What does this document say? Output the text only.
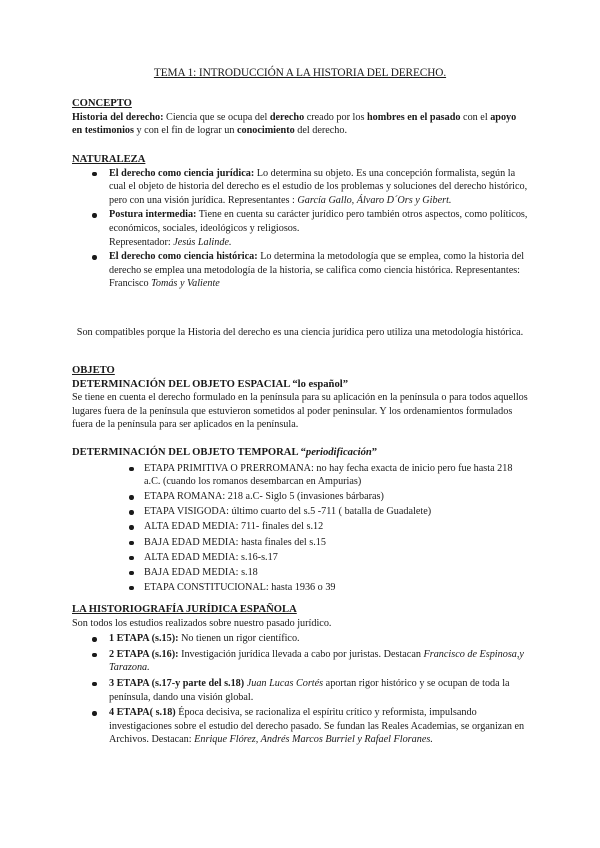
TEMA 1: INTRODUCCIÓN A LA HISTORIA DEL DERECHO.
CONCEPTO
Historia del derecho: Ciencia que se ocupa del derecho creado por los hombres en el pasado con el apoyo en testimonios y con el fin de lograr un conocimiento del derecho.
NATURALEZA
El derecho como ciencia jurídica: Lo determina su objeto. Es una concepción formalista, según la cual el objeto de historia del derecho es el estudio de los problemas y soluciones del derecho histórico, pero con una visión jurídica. Representantes : García Gallo, Álvaro D´Ors y Gibert.
Postura intermedia: Tiene en cuenta su carácter jurídico pero también otros aspectos, como políticos, económicos, sociales, ideológicos y religiosos.
Representador: Jesús Lalinde.
El derecho como ciencia histórica: Lo determina la metodología que se emplea, como la historia del derecho se emplea una metodología de la historia, se califica como ciencia histórica. Representantes: Francisco Tomás y Valiente
Son compatibles porque la Historia del derecho es una ciencia jurídica pero utiliza una metodología histórica.
OBJETO
DETERMINACIÓN DEL OBJETO ESPACIAL “lo español”
Se tiene en cuenta el derecho formulado en la península para su aplicación en la península o para todos aquellos lugares fuera de la península que estuvieron sometidos al poder peninsular. Y los ordenamientos formulados fuera de la península para ser aplicados en la península.
DETERMINACIÓN DEL OBJETO TEMPORAL “periodificación”
ETAPA PRIMITIVA O PRERROMANA: no hay fecha exacta de inicio pero fue hasta 218 a.C. (cuando los romanos desembarcan en Ampurias)
ETAPA ROMANA: 218 a.C- Siglo 5 (invasiones bárbaras)
ETAPA VISIGODA: último cuarto del s.5 -711 ( batalla de Guadalete)
ALTA EDAD MEDIA: 711- finales del s.12
BAJA EDAD MEDIA: hasta finales del s.15
ALTA EDAD MEDIA: s.16-s.17
BAJA EDAD MEDIA: s.18
ETAPA CONSTITUCIONAL: hasta 1936 o 39
LA HISTORIOGRAFÍA JURÍDICA ESPAÑOLA
Son todos los estudios realizados sobre nuestro pasado jurídico.
1 ETAPA (s.15): No tienen un rigor científico.
2 ETAPA (s.16): Investigación jurídica llevada a cabo por juristas. Destacan Francisco de Espinosa,y Tarazona.
3 ETAPA (s.17-y parte del s.18) Juan Lucas Cortés aportan rigor histórico y se ocupan de toda la península, dando una visión global.
4 ETAPA( s.18) Época decisiva, se racionaliza el espíritu crítico y reformista, impulsando investigaciones sobre el estudio del derecho pasado. Se fundan las Reales Academias, se organizan en Archivos. Destacan: Enrique Flórez, Andrés Marcos Burriel y Rafael Floranes.
